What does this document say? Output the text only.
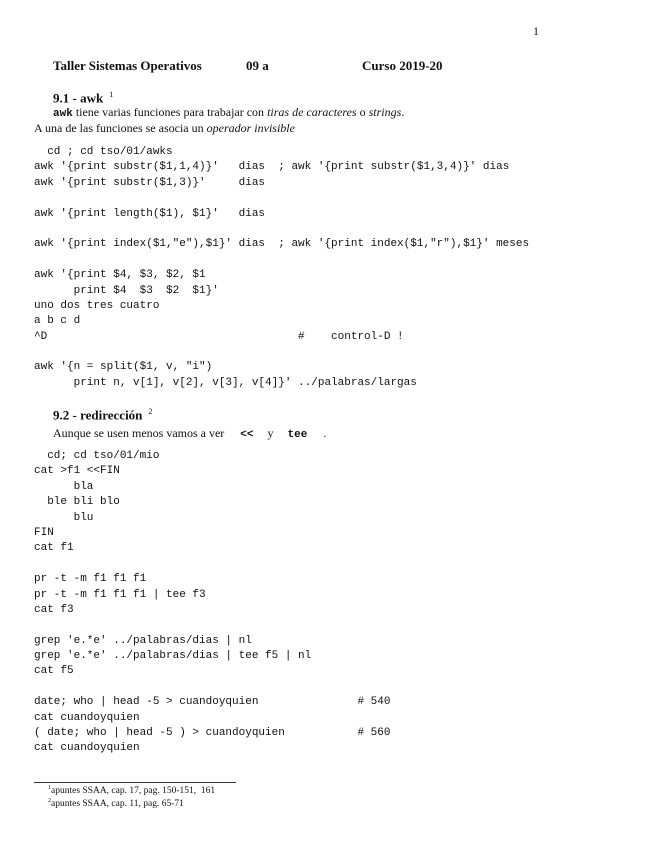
1
Taller Sistemas Operativos	09 a	Curso 2019-20
9.1 - awk $^1$
awk tiene varias funciones para trabajar con tiras de caracteres o strings.
A una de las funciones se asocia un operador invisible
cd ; cd tso/01/awks
awk '{print substr($1,1,4)}'   dias  ; awk '{print substr($1,3,4)}' dias
awk '{print substr($1,3)}'     dias
awk '{print length($1), $1}'   dias
awk '{print index($1,"e"),$1}' dias  ; awk '{print index($1,"r"),$1}' meses
awk '{print $4, $3, $2, $1
print $4  $3  $2  $1}'
uno dos tres cuatro
a b c d
^D                                      #    control-D !
awk '{n = split($1, v, "i")
print n, v[1], v[2], v[3], v[4]}' ../palabras/largas
9.2 - redirección $^2$
Aunque se usen menos vamos a ver << y tee .
cd; cd tso/01/mio
cat >f1 <<FIN
bla
ble bli blo
blu
FIN
cat f1
pr -t -m f1 f1 f1
pr -t -m f1 f1 f1 | tee f3
cat f3
grep 'e.*e' ../palabras/dias | nl
grep 'e.*e' ../palabras/dias | tee f5 | nl
cat f5
date; who | head -5 > cuandoyquien               # 540
cat cuandoyquien
( date; who | head -5 ) > cuandoyquien           # 560
cat cuandoyquien
$^1$apuntes SSAA, cap. 17, pag. 150-151,  161
$^2$apuntes SSAA, cap. 11, pag. 65-71
